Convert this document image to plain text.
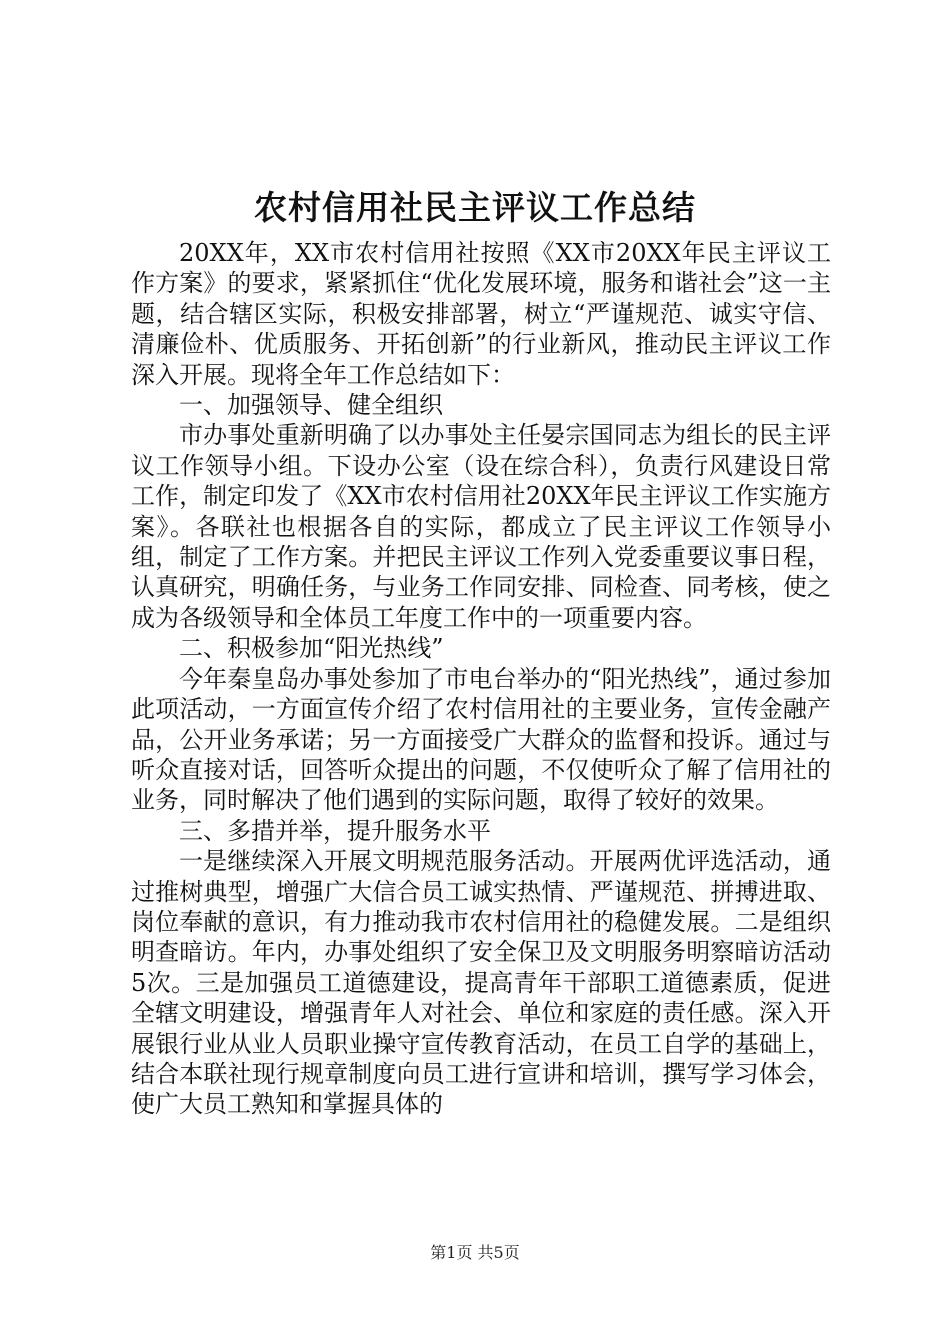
农村信用社民主评议工作总结

20XX年，XX市农村信用社按照《XX市20XX年民主评议工作方案》的要求，紧紧抓住“优化发展环境，服务和谐社会”这一主题，结合辖区实际，积极安排部署，树立“严谨规范、诚实守信、清廉俭朴、优质服务、开拓创新”的行业新风，推动民主评议工作深入开展。现将全年工作总结如下：

一、加强领导、健全组织

市办事处重新明确了以办事处主任晏宗国同志为组长的民主评议工作领导小组。下设办公室（设在综合科），负责行风建设日常工作，制定印发了《XX市农村信用社20XX年民主评议工作实施方案》。各联社也根据各自的实际，都成立了民主评议工作领导小组，制定了工作方案。并把民主评议工作列入党委重要议事日程，认真研究，明确任务，与业务工作同安排、同检查、同考核，使之成为各级领导和全体员工年度工作中的一项重要内容。

二、积极参加“阳光热线”

今年秦皇岛办事处参加了市电台举办的“阳光热线”，通过参加此项活动，一方面宣传介绍了农村信用社的主要业务，宣传金融产品，公开业务承诺；另一方面接受广大群众的监督和投诉。通过与听众直接对话，回答听众提出的问题，不仅使听众了解了信用社的业务，同时解决了他们遇到的实际问题，取得了较好的效果。

三、多措并举，提升服务水平

一是继续深入开展文明规范服务活动。开展两优评选活动，通过推树典型，增强广大信合员工诚实热情、严谨规范、拼搏进取、岗位奉献的意识，有力推动我市农村信用社的稳健发展。二是组织明查暗访。年内，办事处组织了安全保卫及文明服务明察暗访活动5次。三是加强员工道德建设，提高青年干部职工道德素质，促进全辖文明建设，增强青年人对社会、单位和家庭的责任感。深入开展银行业从业人员职业操守宣传教育活动，在员工自学的基础上，结合本联社现行规章制度向员工进行宣讲和培训，撰写学习体会，使广大员工熟知和掌握具体的

第1页 共5页
